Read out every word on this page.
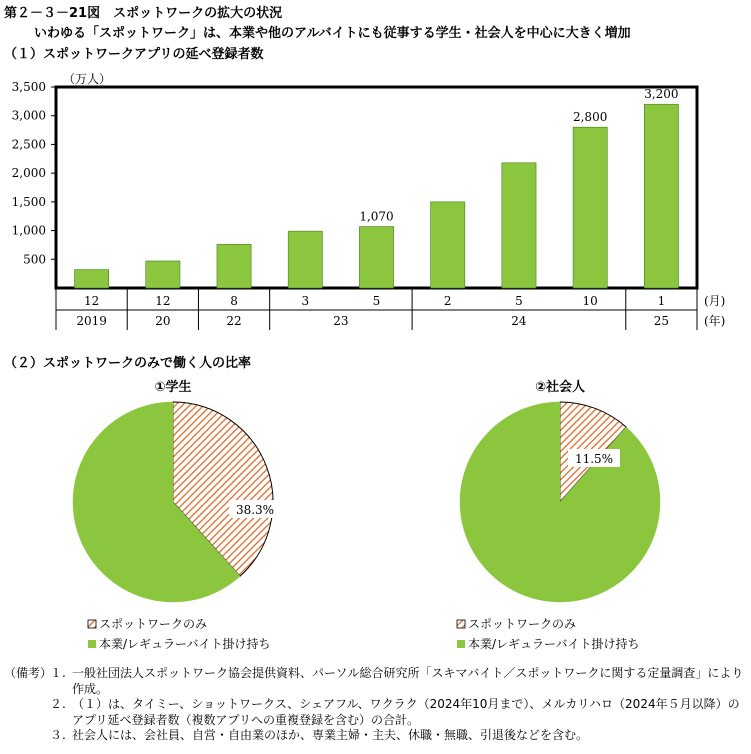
第２－３－21図　スポットワークの拡大の状況
いわゆる「スポットワーク」は、本業や他のアルバイトにも従事する学生・社会人を中心に大きく増加
（１）スポットワークアプリの延べ登録者数
（２）スポットワークのみで働く人の比率
（万人）
500
1,000
1,500
2,000
2,500
3,000
3,500
12	12	8	3
1,070
5	2	5
2,800
10
3,200
1
2019	20	22	23	24	25
(月)
(年)
①学生
38.3%
スポットワークのみ
本業/レギュラーバイト掛け持ち
②社会人
11.5%
スポットワークのみ
本業/レギュラーバイト掛け持ち
（備考）
１. 一般社団法人スポットワーク協会提供資料、パーソル総合研究所「スキマバイト／スポットワークに関する定量調査」により作成。
２. （１）は、タイミー、ショットワークス、シェアフル、ワクラク（2024年10月まで）、メルカリハロ（2024年５月以降）のアプリ延べ登録者数（複数アプリへの重複登録を含む）の合計。
３. 社会人には、会社員、自営・自由業のほか、専業主婦・主夫、休職・無職、引退後などを含む。
